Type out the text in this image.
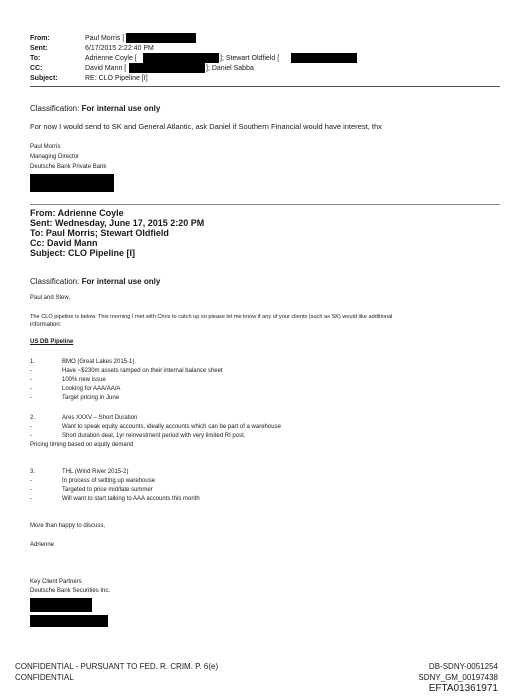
From:	Paul Morris [
Sent:	6/17/2015 2:22:40 PM
To:	Adrienne Coyle [	]; Stewart Oldfield [
CC:	David Mann [	]; Daniel Sabba
Subject:	RE: CLO Pipeline [I]
Classification: For internal use only
For now I would send to SK and General Atlantic, ask Daniel if Southern Financial would have interest, thx
Paul Morris
Managing Director
Deutsche Bank Private Bank
From: Adrienne Coyle
Sent: Wednesday, June 17, 2015 2:20 PM
To: Paul Morris; Stewart Oldfield
Cc: David Mann
Subject: CLO Pipeline [I]
Classification: For internal use only
Paul and Stew,
The CLO pipeline is below. This morning I met with Chris to catch up so please let me know if any of your clients (such as SK) would like additional
information:
US DB Pipeline
1.	BMO (Great Lakes 2015-1)
-	Have ~$230m assets ramped on their internal balance sheet
-	100% new issue
-	Looking for AAA/AA/A
-	Target pricing in June
2.	Ares XXXV – Short Duration
-	Want to speak equity accounts, ideally accounts which can be part of a warehouse
-	Short duration deal, 1yr reinvestment period with very limited RI post.
Pricing timing based on equity demand
3.	THL (Wind River 2015-2)
-	In process of setting up warehouse
-	Targeted to price mid/late summer
-	Will want to start talking to AAA accounts this month
More than happy to discuss,
Adrienne
Key Client Partners
Deutsche Bank Securities Inc.
CONFIDENTIAL - PURSUANT TO FED. R. CRIM. P. 6(e)
CONFIDENTIAL
DB-SDNY-0051254
SDNY_GM_00197438
EFTA01361971
